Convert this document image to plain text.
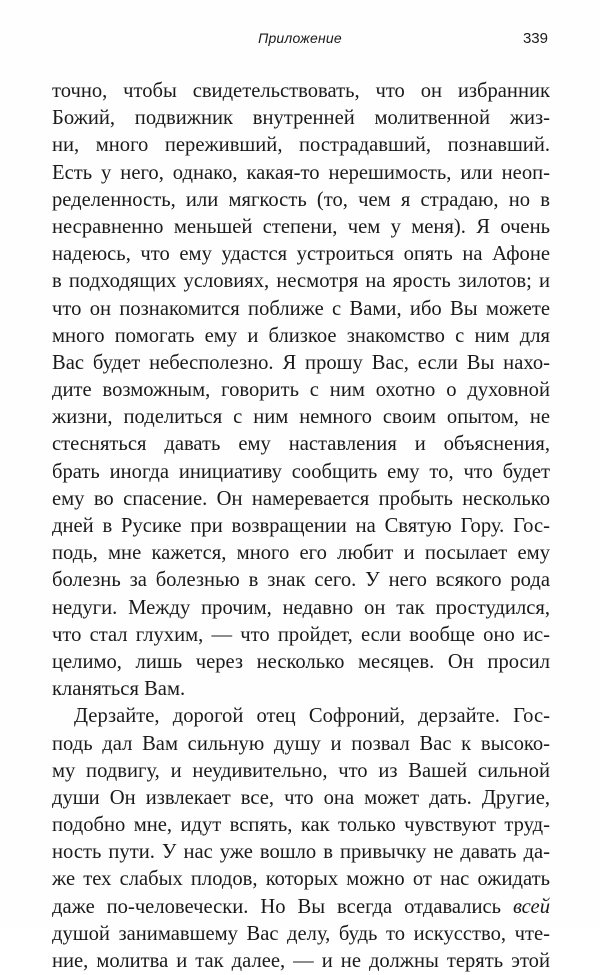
Приложение	339
точно, чтобы свидетельствовать, что он избранник
Божий, подвижник внутренней молитвенной жиз-
ни, много переживший, пострадавший, познавший.
Есть у него, однако, какая-то нерешимость, или неоп-
ределенность, или мягкость (то, чем я страдаю, но в
несравненно меньшей степени, чем у меня). Я очень
надеюсь, что ему удастся устроиться опять на Афоне
в подходящих условиях, несмотря на ярость зилотов; и
что он познакомится поближе с Вами, ибо Вы можете
много помогать ему и близкое знакомство с ним для
Вас будет небесполезно. Я прошу Вас, если Вы нахо-
дите возможным, говорить с ним охотно о духовной
жизни, поделиться с ним немного своим опытом, не
стесняться давать ему наставления и объяснения,
брать иногда инициативу сообщить ему то, что будет
ему во спасение. Он намеревается пробыть несколько
дней в Русике при возвращении на Святую Гору. Гос-
подь, мне кажется, много его любит и посылает ему
болезнь за болезнью в знак сего. У него всякого рода
недуги. Между прочим, недавно он так простудился,
что стал глухим, — что пройдет, если вообще оно ис-
целимо, лишь через несколько месяцев. Он просил
кланяться Вам.
Дерзайте, дорогой отец Софроний, дерзайте. Гос-
подь дал Вам сильную душу и позвал Вас к высоко-
му подвигу, и неудивительно, что из Вашей сильной
души Он извлекает все, что она может дать. Другие,
подобно мне, идут вспять, как только чувствуют труд-
ность пути. У нас уже вошло в привычку не давать да-
же тех слабых плодов, которых можно от нас ожидать
даже по-человечески. Но Вы всегда отдавались всей
душой занимавшему Вас делу, будь то искусство, чте-
ние, молитва и так далее, — и не должны терять этой
